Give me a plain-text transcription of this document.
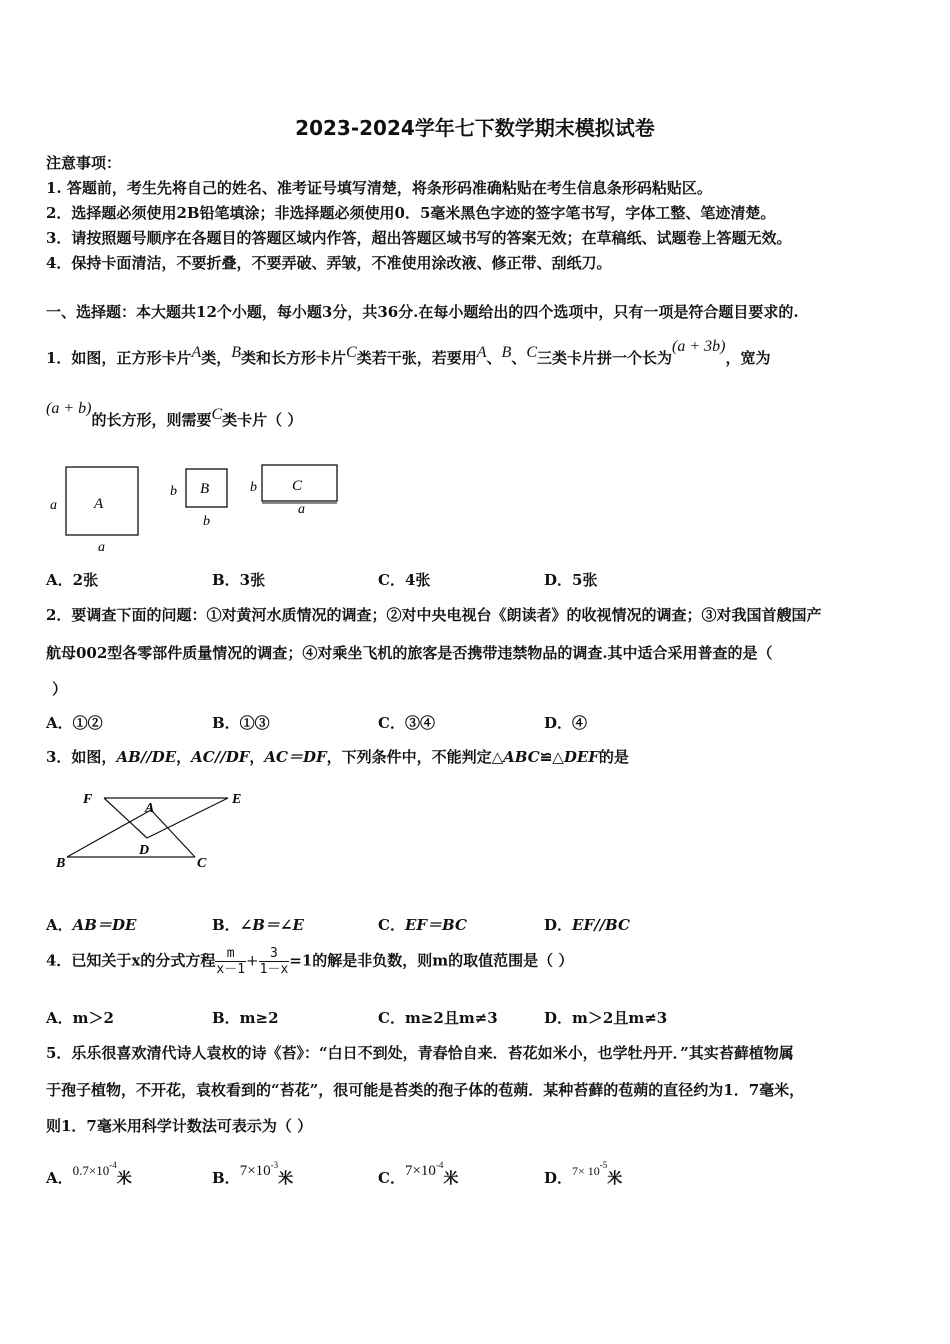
2023-2024学年七下数学期末模拟试卷
注意事项：
1. 答题前，考生先将自己的姓名、准考证号填写清楚，将条形码准确粘贴在考生信息条形码粘贴区。
2．选择题必须使用2B铅笔填涂；非选择题必须使用0．5毫米黑色字迹的签字笔书写，字体工整、笔迹清楚。
3．请按照题号顺序在各题目的答题区域内作答，超出答题区域书写的答案无效；在草稿纸、试题卷上答题无效。
4．保持卡面清洁，不要折叠，不要弄破、弄皱，不准使用涂改液、修正带、刮纸刀。
一、选择题：本大题共12个小题，每小题3分，共36分.在每小题给出的四个选项中，只有一项是符合题目要求的.
1．如图，正方形卡片A类，B类和长方形卡片C类若干张，若要用A、B、C三类卡片拼一个长为(a + 3b)，宽为
(a + b)的长方形，则需要C类卡片（ ）
a A
a
b B
b
b C
a
A．2张	B．3张	C．4张	D．5张
2．要调查下面的问题：①对黄河水质情况的调查；②对中央电视台《朗读者》的收视情况的调查；③对我国首艘国产
航母002型各零部件质量情况的调查；④对乘坐飞机的旅客是否携带违禁物品的调查.其中适合采用普查的是（
）
A．①②	B．①③	C．③④	D．④
3．如图，AB//DE，AC//DF，AC＝DF，下列条件中，不能判定△ABC≌△DEF的是
F
A
E
B
D
C
A．AB＝DE	B．∠B＝∠E	C．EF＝BC	D．EF//BC
4．已知关于x的分式方程 $\frac{m}{x-1} + \frac{3}{1-x} =1$的解是非负数，则m的取值范围是（ ）
A．m＞2	B．m≥2	C．m≥2且m≠3	D．m＞2且m≠3
5．乐乐很喜欢清代诗人袁枚的诗《苔》：“白日不到处，青春恰自来．苔花如米小，也学牡丹开．”其实苔藓植物属
于孢子植物，不开花，袁枚看到的“苔花”，很可能是苔类的孢子体的苞蒴．某种苔藓的苞蒴的直径约为1．7毫米，
则1．7毫米用科学计数法可表示为（ ）
A．$0.7\times 10^{-4}$米	B．$7\times 10^{-3}$米	C．$7\times 10^{-4}$米	D．$^{7\times 10^{-5}}$米
